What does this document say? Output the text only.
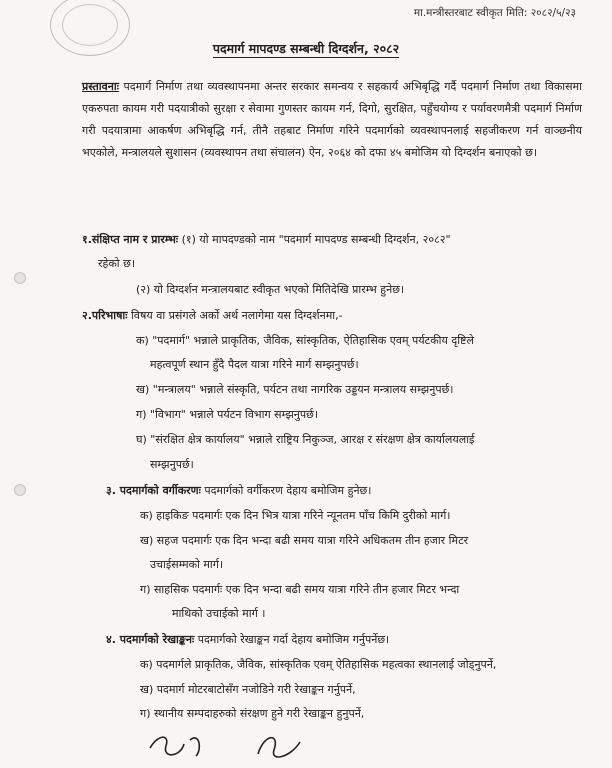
मा.मन्त्रीस्तरबाट स्वीकृत मिति: २०८२/५/२३
पदमार्ग मापदण्ड सम्बन्धी दिग्दर्शन, २०८२
प्रस्तावनाः पदमार्ग निर्माण तथा व्यवस्थापनमा अन्तर सरकार समन्वय र सहकार्य अभिबृद्धि गर्दै पदमार्ग निर्माण तथा विकासमा एकरुपता कायम गरी पदयात्रीको सुरक्षा र सेवामा गुणस्तर कायम गर्न, दिगो, सुरक्षित, पहुँचयोग्य र पर्यावरणमैत्री पदमार्ग निर्माण गरी पदयात्रामा आकर्षण अभिबृद्धि गर्न, तीनै तहबाट निर्माण गरिने पदमार्गको व्यवस्थापनलाई सहजीकरण गर्न वाञ्छनीय भएकोले, मन्त्रालयले सुशासन (व्यवस्थापन तथा संचालन) ऐन, २०६४ को दफा ४५ बमोजिम यो दिग्दर्शन बनाएको छ।
१.संक्षिप्त नाम र प्रारम्भः (१) यो मापदण्डको नाम "पदमार्ग मापदण्ड सम्बन्धी दिग्दर्शन, २०८२"
रहेको छ।
(२) यो दिग्दर्शन मन्त्रालयबाट स्वीकृत भएको मितिदेखि प्रारम्भ हुनेछ।
२.परिभाषाः विषय वा प्रसंगले अर्को अर्थ नलागेमा यस दिग्दर्शनमा,-
क) "पदमार्ग" भन्नाले प्राकृतिक, जैविक, सांस्कृतिक, ऐतिहासिक एवम् पर्यटकीय दृष्टिले
महत्वपूर्ण स्थान हुँदै पैदल यात्रा गरिने मार्ग सम्झनुपर्छ।
ख) "मन्त्रालय" भन्नाले संस्कृति, पर्यटन तथा नागरिक उड्डयन मन्त्रालय सम्झनुपर्छ।
ग) "विभाग" भन्नाले पर्यटन विभाग सम्झनुपर्छ।
घ) "संरक्षित क्षेत्र कार्यालय" भन्नाले राष्ट्रिय निकुञ्ज, आरक्ष र संरक्षण क्षेत्र कार्यालयलाई
सम्झनुपर्छ।
३. पदमार्गको वर्गीकरणः पदमार्गको वर्गीकरण देहाय बमोजिम हुनेछ।
क) हाइकिङ पदमार्गः एक दिन भित्र यात्रा गरिने न्यूनतम पाँच किमि दुरीको मार्ग।
ख) सहज पदमार्गः एक दिन भन्दा बढी समय यात्रा गरिने अधिकतम तीन हजार मिटर
उचाईसम्मको मार्ग।
ग) साहसिक पदमार्गः एक दिन भन्दा बढी समय यात्रा गरिने तीन हजार मिटर भन्दा
माथिको उचाईको मार्ग ।
४. पदमार्गको रेखाङ्कनः पदमार्गको रेखाङ्कन गर्दा देहाय बमोजिम गर्नुपर्नेछ।
क) पदमार्गले प्राकृतिक, जैविक, सांस्कृतिक एवम् ऐतिहासिक महत्वका स्थानलाई जोड्नुपर्ने,
ख) पदमार्ग मोटरबाटोसँग नजोडिने गरी रेखाङ्कन गर्नुपर्ने,
ग) स्थानीय सम्पदाहरुको संरक्षण हुने गरी रेखाङ्कन हुनुपर्ने,
